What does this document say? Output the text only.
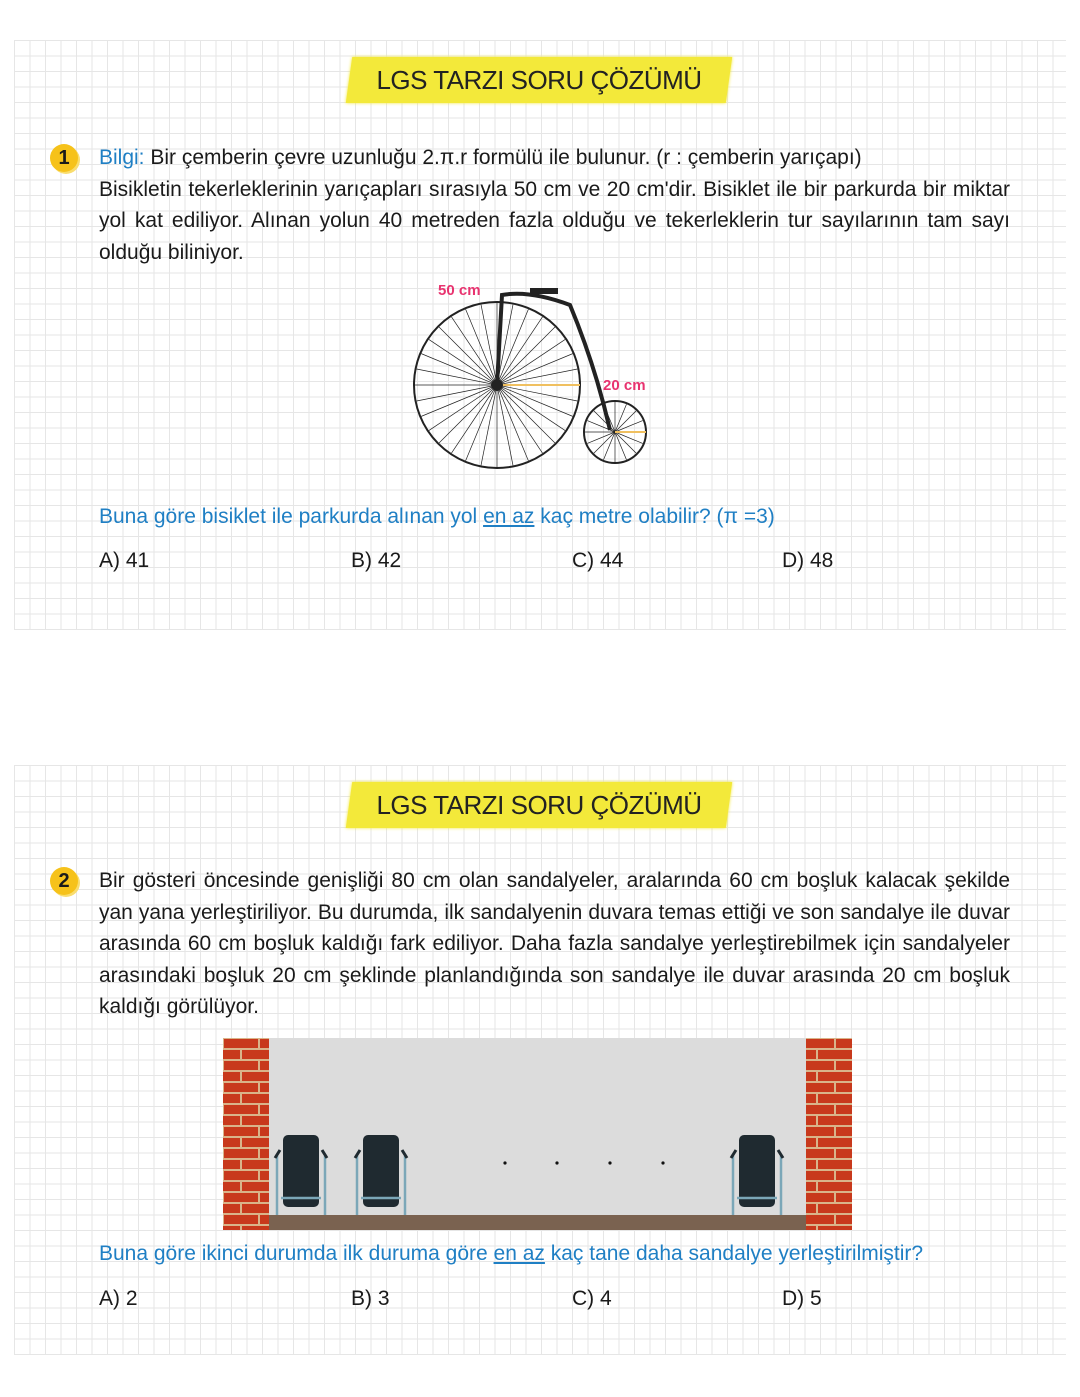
LGS TARZI SORU ÇÖZÜMÜ
1	Bilgi: Bir çemberin çevre uzunluğu 2.π.r formülü ile bulunur. (r : çemberin yarıçapı)
Bisikletin tekerleklerinin yarıçapları sırasıyla 50 cm ve 20 cm'dir. Bisiklet ile bir parkurda bir miktar yol kat ediliyor. Alınan yolun 40 metreden fazla olduğu ve tekerleklerin tur sayılarının tam sayı olduğu biliniyor.
50 cm
20 cm
Buna göre bisiklet ile parkurda alınan yol en az kaç metre olabilir? (π =3)
A) 41	B) 42	C) 44	D) 48
LGS TARZI SORU ÇÖZÜMÜ
2	Bir gösteri öncesinde genişliği 80 cm olan sandalyeler, aralarında 60 cm boşluk kalacak şekilde yan yana yerleştiriliyor. Bu durumda, ilk sandalyenin duvara temas ettiği ve son sandalye ile duvar arasında 60 cm boşluk kaldığı fark ediliyor. Daha fazla sandalye yerleştirebilmek için sandalyeler arasındaki boşluk 20 cm şeklinde planlandığında son sandalye ile duvar arasında 20 cm boşluk kaldığı görülüyor.
Buna göre ikinci durumda ilk duruma göre en az kaç tane daha sandalye yerleştirilmiştir?
A) 2	B) 3	C) 4	D) 5
